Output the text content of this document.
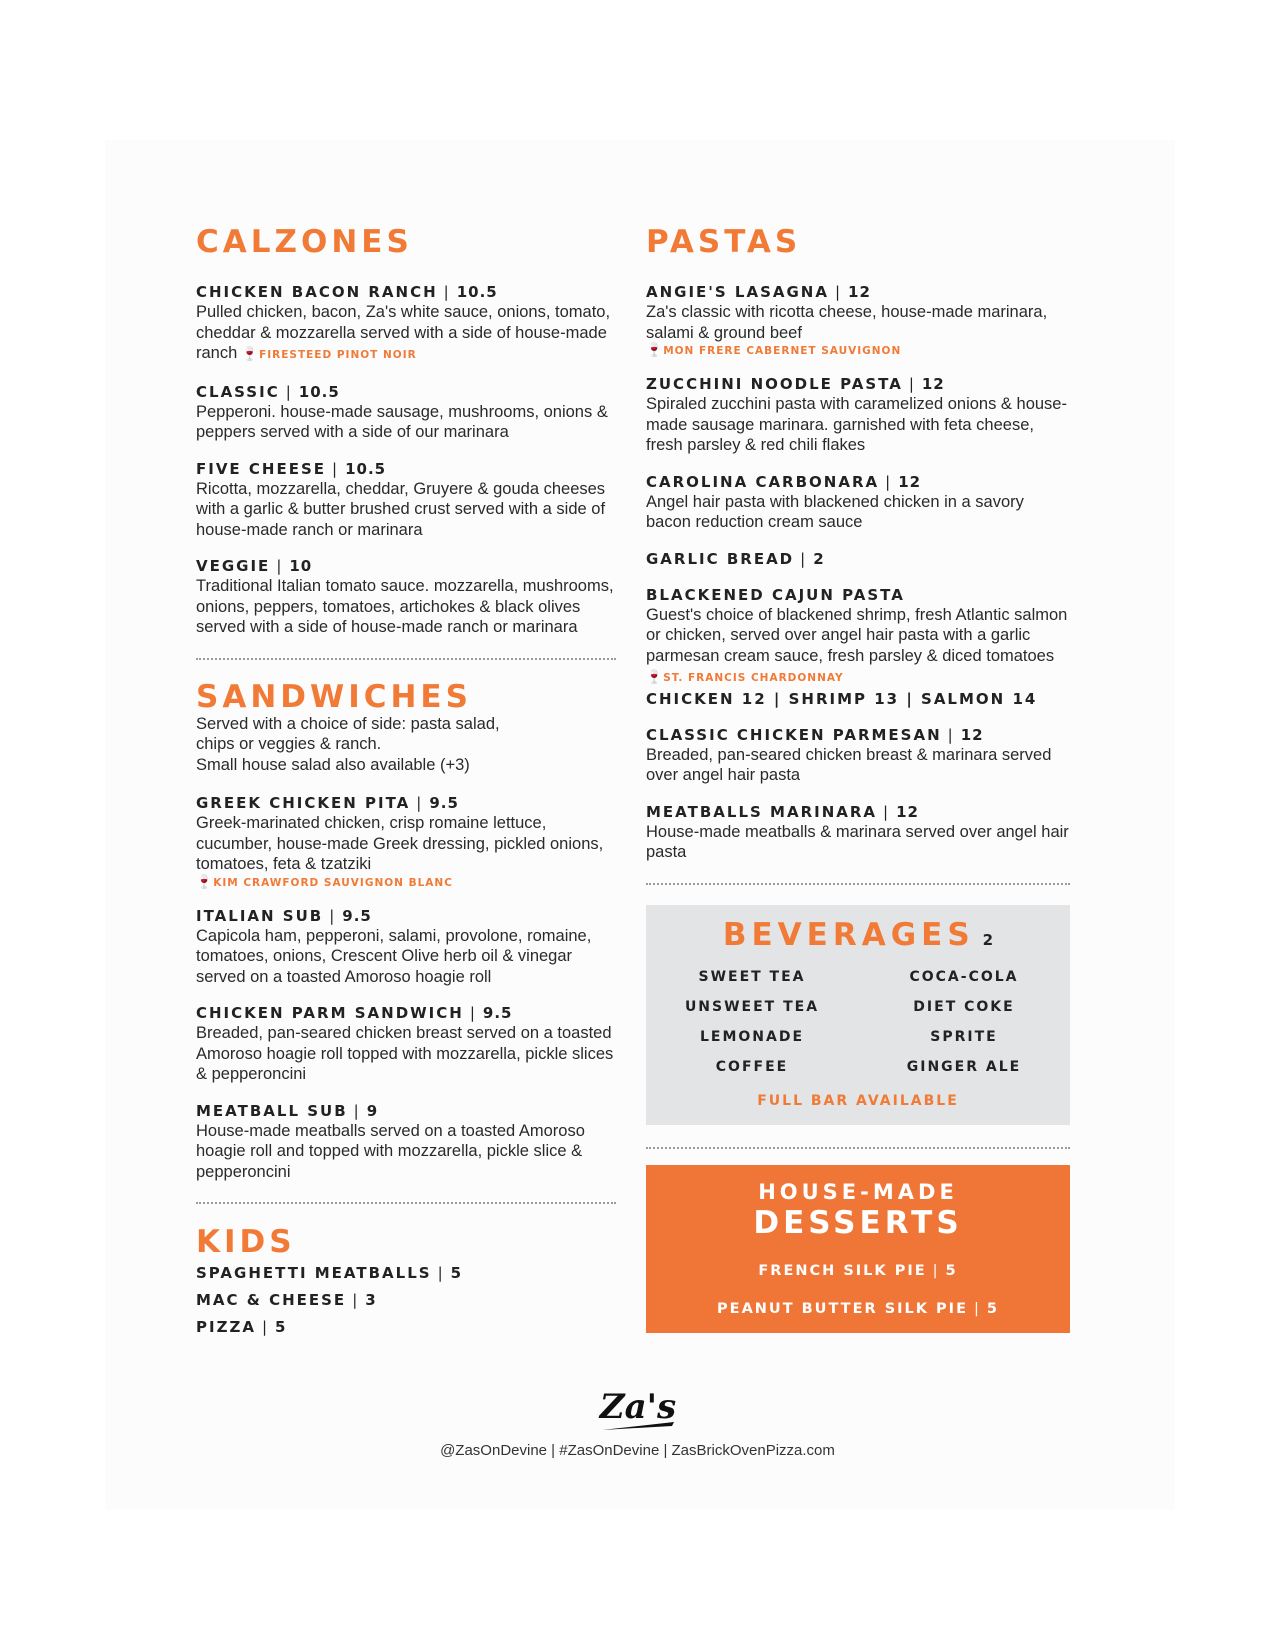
CALZONES
CHICKEN BACON RANCH | 10.5
Pulled chicken, bacon, Za's white sauce, onions, tomato, cheddar & mozzarella served with a side of house-made ranch 🍷FIRESTEED PINOT NOIR
CLASSIC | 10.5
Pepperoni. house-made sausage, mushrooms, onions & peppers served with a side of our marinara
FIVE CHEESE | 10.5
Ricotta, mozzarella, cheddar, Gruyere & gouda cheeses with a garlic & butter brushed crust served with a side of house-made ranch or marinara
VEGGIE | 10
Traditional Italian tomato sauce. mozzarella, mushrooms, onions, peppers, tomatoes, artichokes & black olives served with a side of house-made ranch or marinara
SANDWICHES
Served with a choice of side: pasta salad,
chips or veggies & ranch.
Small house salad also available (+3)
GREEK CHICKEN PITA | 9.5
Greek-marinated chicken, crisp romaine lettuce, cucumber, house-made Greek dressing, pickled onions, tomatoes, feta & tzatziki
🍷KIM CRAWFORD SAUVIGNON BLANC
ITALIAN SUB | 9.5
Capicola ham, pepperoni, salami, provolone, romaine, tomatoes, onions, Crescent Olive herb oil & vinegar served on a toasted Amoroso hoagie roll
CHICKEN PARM SANDWICH | 9.5
Breaded, pan-seared chicken breast served on a toasted Amoroso hoagie roll topped with mozzarella, pickle slices & pepperoncini
MEATBALL SUB | 9
House-made meatballs served on a toasted Amoroso hoagie roll and topped with mozzarella, pickle slice & pepperoncini
KIDS
SPAGHETTI MEATBALLS | 5
MAC & CHEESE | 3
PIZZA | 5
PASTAS
ANGIE'S LASAGNA | 12
Za's classic with ricotta cheese, house-made marinara, salami & ground beef
🍷MON FRERE CABERNET SAUVIGNON
ZUCCHINI NOODLE PASTA | 12
Spiraled zucchini pasta with caramelized onions & house-made sausage marinara. garnished with feta cheese, fresh parsley & red chili flakes
CAROLINA CARBONARA | 12
Angel hair pasta with blackened chicken in a savory bacon reduction cream sauce
GARLIC BREAD | 2
BLACKENED CAJUN PASTA
Guest's choice of blackened shrimp, fresh Atlantic salmon or chicken, served over angel hair pasta with a garlic parmesan cream sauce, fresh parsley & diced tomatoes 🍷ST. FRANCIS CHARDONNAY
CHICKEN 12 | SHRIMP 13 | SALMON 14
CLASSIC CHICKEN PARMESAN | 12
Breaded, pan-seared chicken breast & marinara served over angel hair pasta
MEATBALLS MARINARA | 12
House-made meatballs & marinara served over angel hair pasta
BEVERAGES 2
SWEET TEA	COCA-COLA
UNSWEET TEA	DIET COKE
LEMONADE	SPRITE
COFFEE	GINGER ALE
FULL BAR AVAILABLE
HOUSE-MADE
DESSERTS
FRENCH SILK PIE | 5
PEANUT BUTTER SILK PIE | 5
Za's
@ZasOnDevine | #ZasOnDevine | ZasBrickOvenPizza.com
